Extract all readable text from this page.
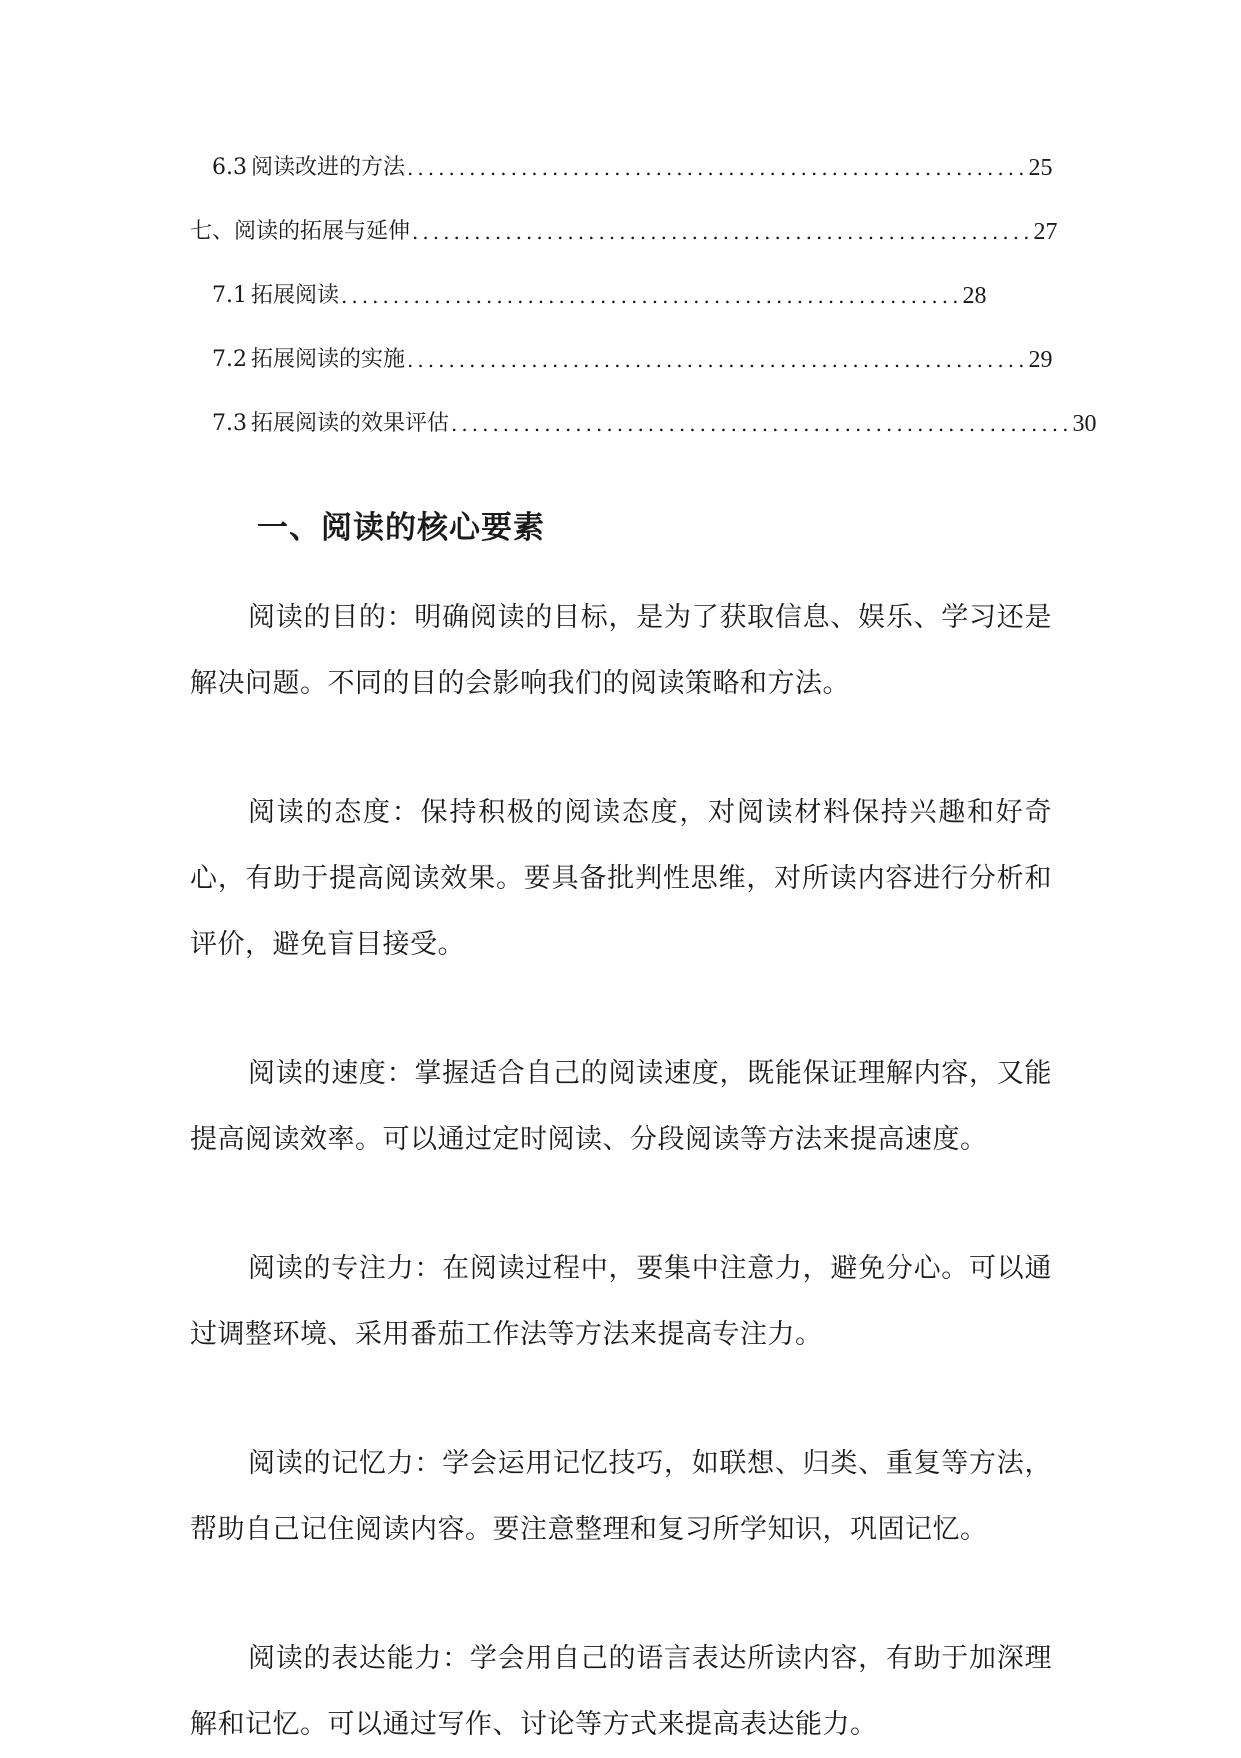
6.3 阅读改进的方法 ............................................................ 25
七、 阅读的拓展与延伸 ............................................................ 27
7.1 拓展阅读 ............................................................ 28
7.2 拓展阅读的实施 ............................................................ 29
7.3 拓展阅读的效果评估 ............................................................ 30
一、阅读的核心要素

阅读的目的：明确阅读的目标，是为了获取信息、娱乐、学习还是解决问题。不同的目的会影响我们的阅读策略和方法。

阅读的态度：保持积极的阅读态度，对阅读材料保持兴趣和好奇心，有助于提高阅读效果。要具备批判性思维，对所读内容进行分析和评价，避免盲目接受。

阅读的速度：掌握适合自己的阅读速度，既能保证理解内容，又能提高阅读效率。可以通过定时阅读、分段阅读等方法来提高速度。

阅读的专注力：在阅读过程中，要集中注意力，避免分心。可以通过调整环境、采用番茄工作法等方法来提高专注力。

阅读的记忆力：学会运用记忆技巧，如联想、归类、重复等方法，帮助自己记住阅读内容。要注意整理和复习所学知识，巩固记忆。

阅读的表达能力：学会用自己的语言表达所读内容，有助于加深理解和记忆。可以通过写作、讨论等方式来提高表达能力。
